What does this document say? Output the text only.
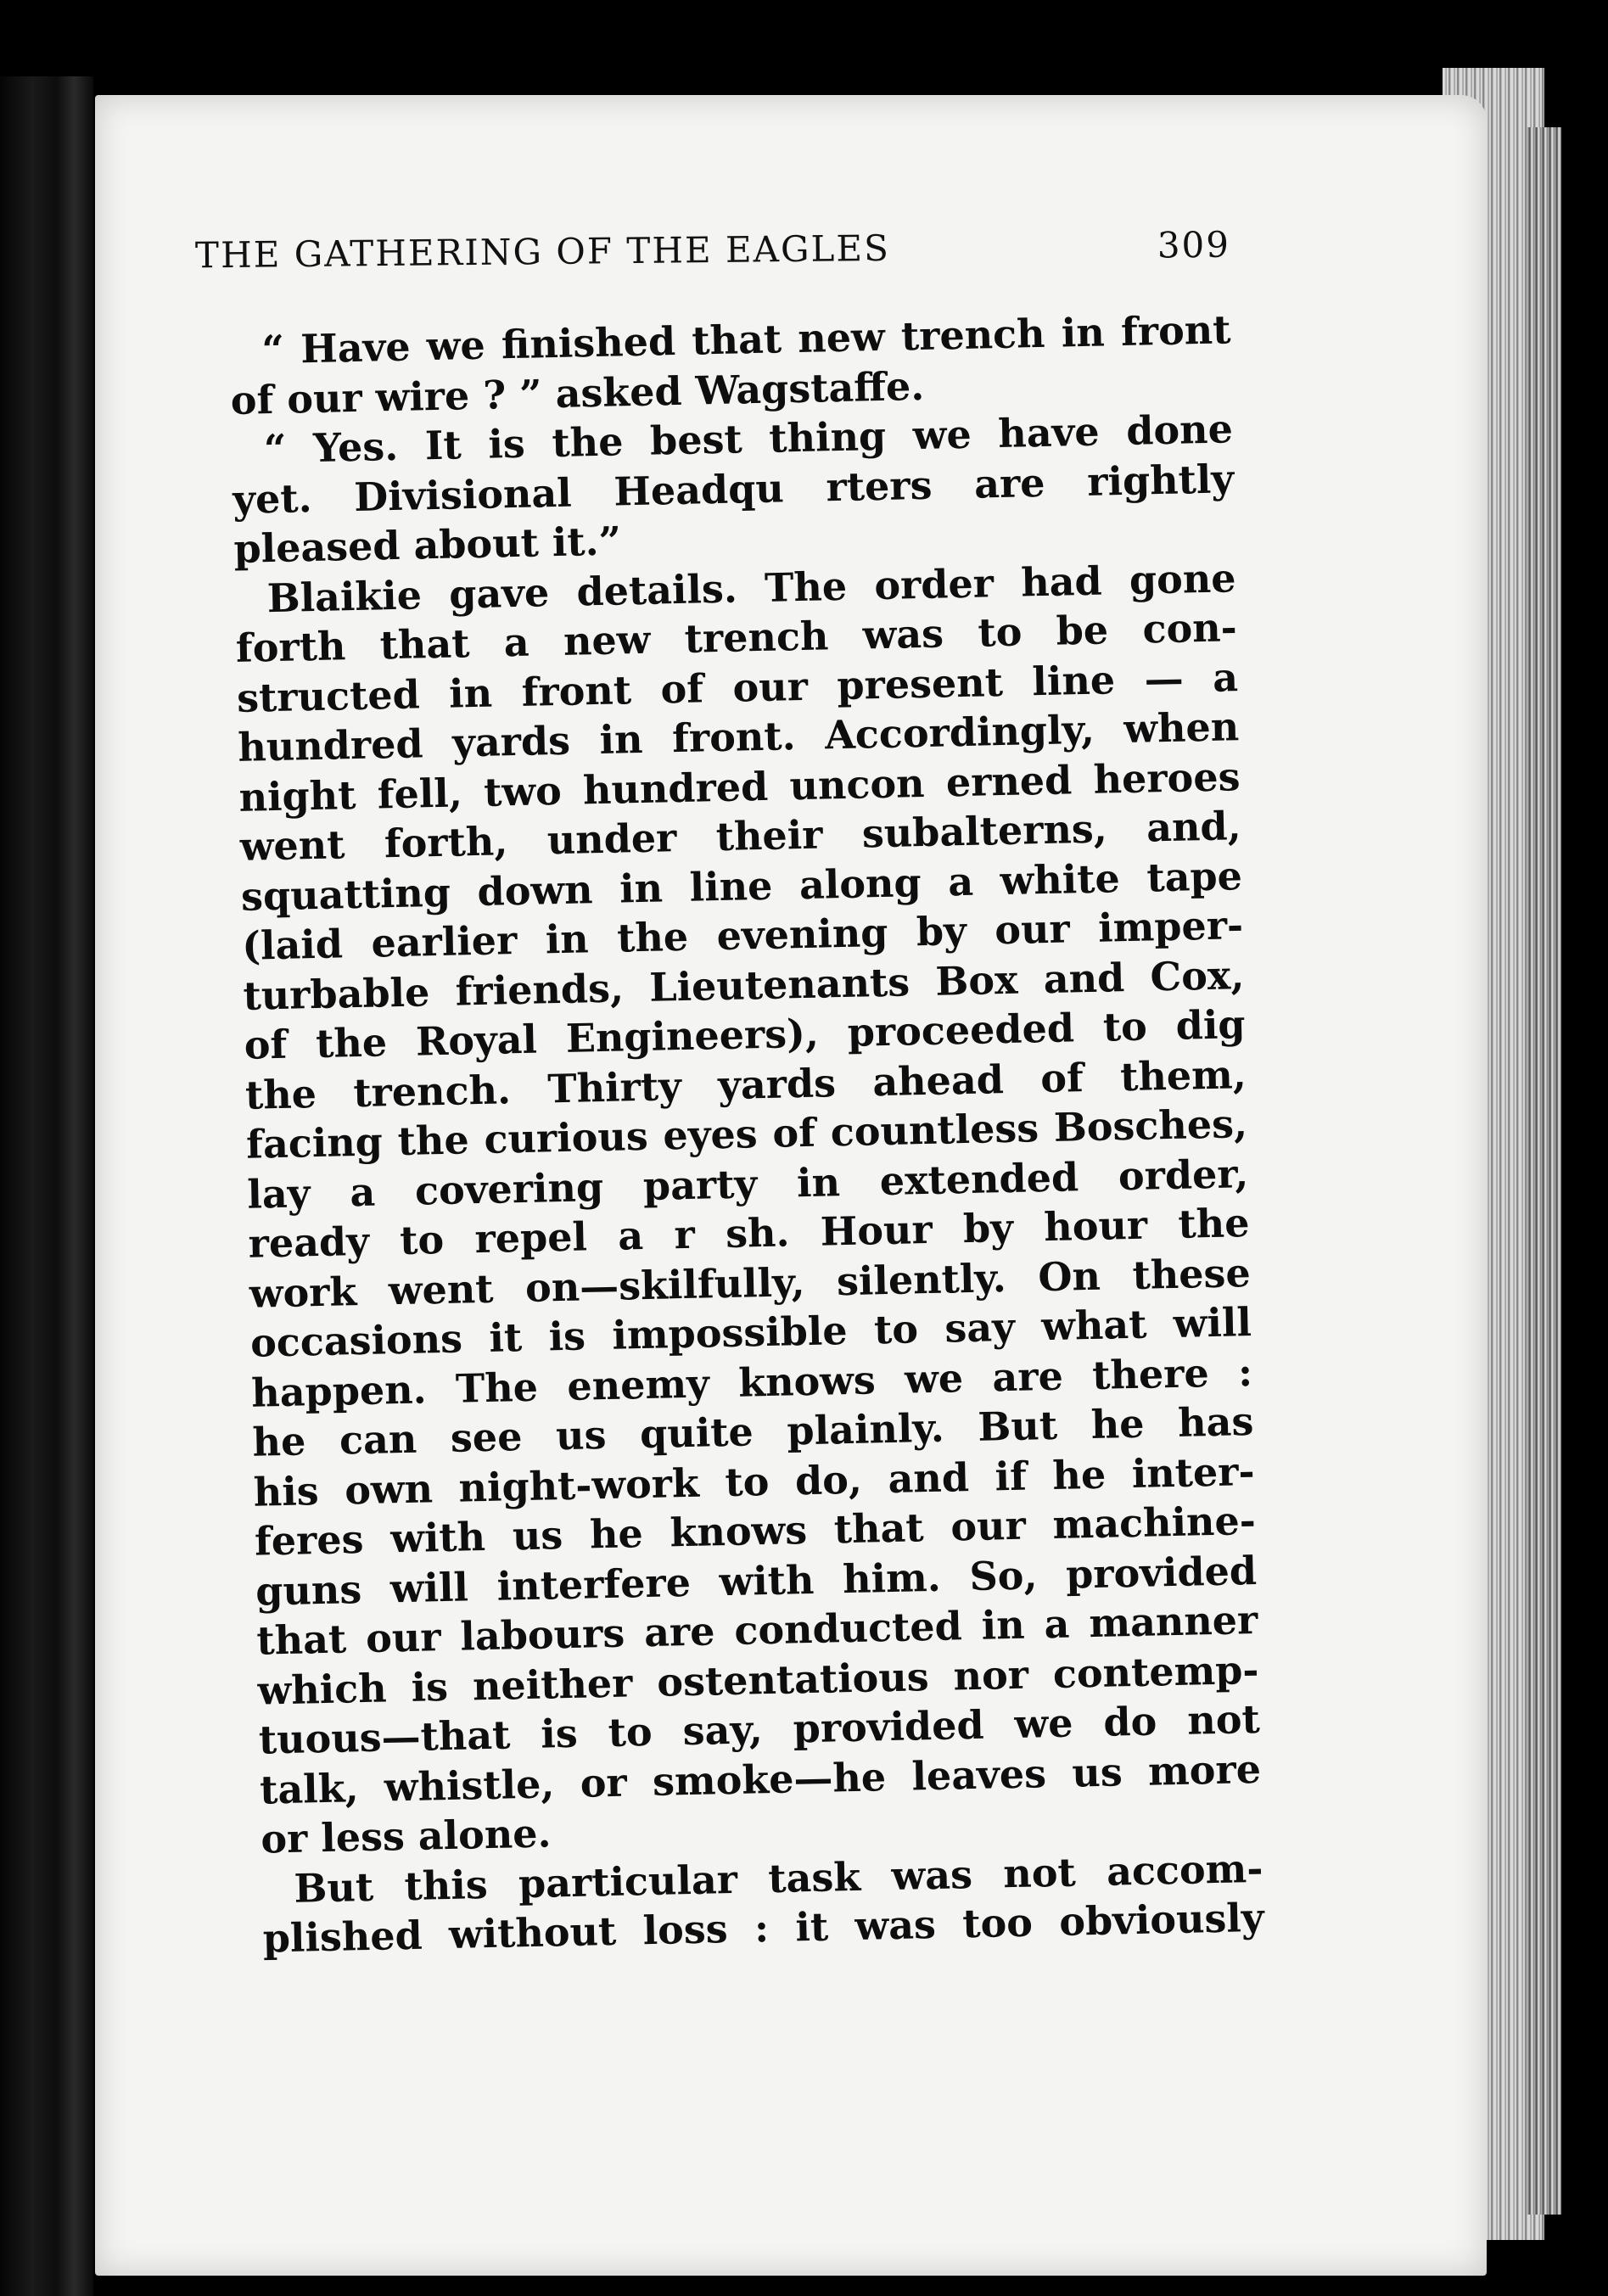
THE GATHERING OF THE EAGLES	309
“ Have we finished that new trench in front
of our wire ? ” asked Wagstaffe.
“ Yes. It is the best thing we have done
yet. Divisional Headqu rters are rightly
pleased about it.”
Blaikie gave details. The order had gone
forth that a new trench was to be con-
structed in front of our present line — a
hundred yards in front. Accordingly, when
night fell, two hundred uncon erned heroes
went forth, under their subalterns, and,
squatting down in line along a white tape
(laid earlier in the evening by our imper-
turbable friends, Lieutenants Box and Cox,
of the Royal Engineers), proceeded to dig
the trench. Thirty yards ahead of them,
facing the curious eyes of countless Bosches,
lay a covering party in extended order,
ready to repel a r sh. Hour by hour the
work went on—skilfully, silently. On these
occasions it is impossible to say what will
happen. The enemy knows we are there :
he can see us quite plainly. But he has
his own night-work to do, and if he inter-
feres with us he knows that our machine-
guns will interfere with him. So, provided
that our labours are conducted in a manner
which is neither ostentatious nor contemp-
tuous—that is to say, provided we do not
talk, whistle, or smoke—he leaves us more
or less alone.
But this particular task was not accom-
plished without loss : it was too obviously
